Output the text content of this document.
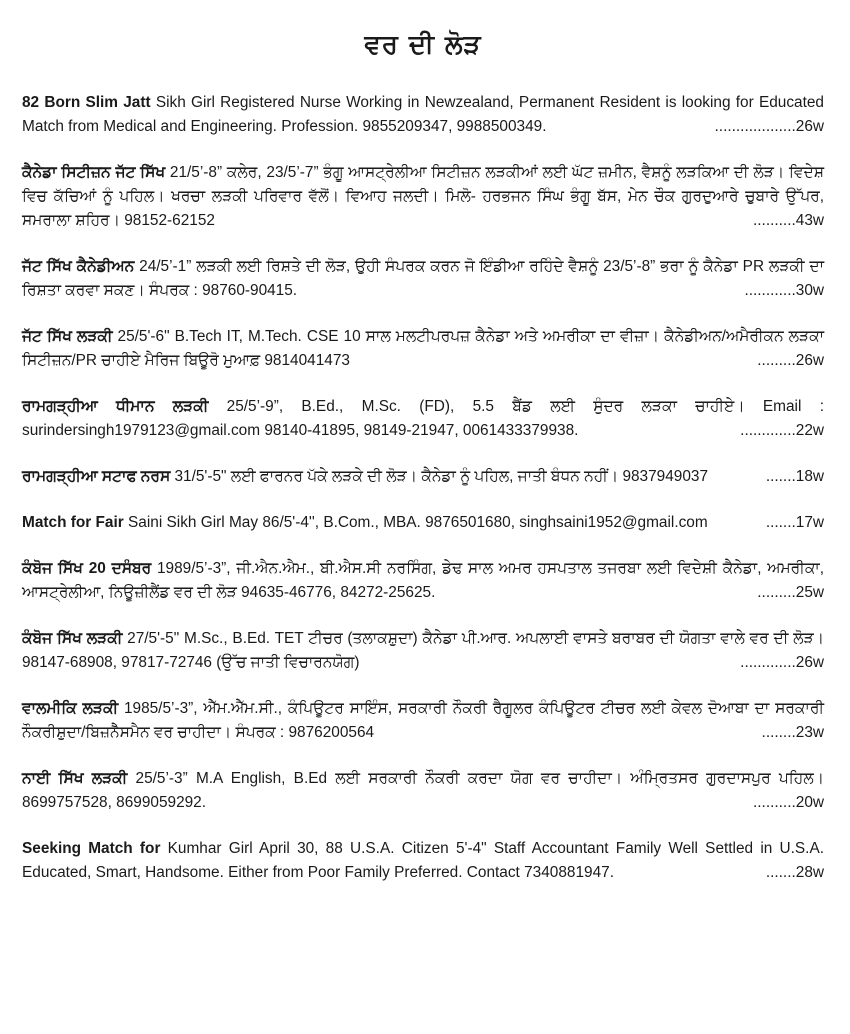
ਵਰ ਦੀ ਲੋੜ
82 Born Slim Jatt Sikh Girl Registered Nurse Working in Newzealand, Permanent Resident is looking for Educated Match from Medical and Engineering. Profession. 9855209347, 9988500349.	...................26w
ਕੈਨੇਡਾ ਸਿਟੀਜ਼ਨ ਜੱਟ ਸਿੱਖ 21/5’-8” ਕਲੇਰ, 23/5’-7” ਭੰਗੂ ਆਸਟ੍ਰੇਲੀਆ ਸਿਟੀਜ਼ਨ ਲੜਕੀਆਂ ਲਈ ਘੱਟ ਜ਼ਮੀਨ, ਵੈਸ਼ਨੂੰ ਲੜਕਿਆ ਦੀ ਲੋੜ। ਵਿਦੇਸ਼ ਵਿਚ ਕੱਚਿਆਂ ਨੂੰ ਪਹਿਲ। ਖਰਚਾ ਲੜਕੀ ਪਰਿਵਾਰ ਵੱਲੋਂ। ਵਿਆਹ ਜਲਦੀ। ਮਿਲੋ- ਹਰਭਜਨ ਸਿੰਘ ਭੰਗੂ ਬੱਸ, ਮੇਨ ਚੌਕ ਗੁਰਦੁਆਰੇ ਚੁਬਾਰੇ ਉੱਪਰ, ਸਮਰਾਲਾ ਸ਼ਹਿਰ। 98152-62152	..........43w
ਜੱਟ ਸਿੱਖ ਕੈਨੇਡੀਅਨ 24/5’-1” ਲੜਕੀ ਲਈ ਰਿਸ਼ਤੇ ਦੀ ਲੋੜ, ਉਹੀ ਸੰਪਰਕ ਕਰਨ ਜੋ ਇੰਡੀਆ ਰਹਿੰਦੇ ਵੈਸ਼ਨੂੰ 23/5’-8” ਭਰਾ ਨੂੰ ਕੈਨੇਡਾ PR ਲੜਕੀ ਦਾ ਰਿਸ਼ਤਾ ਕਰਵਾ ਸਕਣ। ਸੰਪਰਕ : 98760-90415.	............30w
ਜੱਟ ਸਿੱਖ ਲੜਕੀ 25/5'-6" B.Tech IT, M.Tech. CSE 10 ਸਾਲ ਮਲਟੀਪਰਪਜ਼ ਕੈਨੇਡਾ ਅਤੇ ਅਮਰੀਕਾ ਦਾ ਵੀਜ਼ਾ। ਕੈਨੇਡੀਅਨ/ਅਮੈਰੀਕਨ ਲੜਕਾ ਸਿਟੀਜ਼ਨ/PR ਚਾਹੀਏ ਮੈਰਿਜ ਬਿਊਰੋ ਮੁਆਫ਼ 9814041473	.........26w
ਰਾਮਗੜ੍ਹੀਆ ਧੀਮਾਨ ਲੜਕੀ 25/5’-9”, B.Ed., M.Sc. (FD), 5.5 ਬੈਂਡ ਲਈ ਸੁੰਦਰ ਲੜਕਾ ਚਾਹੀਏ। Email : surindersingh1979123@gmail.com 98140-41895, 98149-21947, 0061433379938.	.............22w
ਰਾਮਗੜ੍ਹੀਆ ਸਟਾਫ ਨਰਸ 31/5'-5" ਲਈ ਫਾਰਨਰ ਪੱਕੇ ਲੜਕੇ ਦੀ ਲੋੜ। ਕੈਨੇਡਾ ਨੂੰ ਪਹਿਲ, ਜਾਤੀ ਬੰਧਨ ਨਹੀਂ। 9837949037	.......18w
Match for Fair Saini Sikh Girl May 86/5'-4'', B.Com., MBA. 9876501680, singhsaini1952@gmail.com	.......17w
ਕੰਬੋਜ ਸਿੱਖ 20 ਦਸੰਬਰ 1989/5’-3”, ਜੀ.ਐਨ.ਐਮ., ਬੀ.ਐਸ.ਸੀ ਨਰਸਿੰਗ, ਡੇਢ ਸਾਲ ਅਮਰ ਹਸਪਤਾਲ ਤਜਰਬਾ ਲਈ ਵਿਦੇਸ਼ੀ ਕੈਨੇਡਾ, ਅਮਰੀਕਾ, ਆਸਟ੍ਰੇਲੀਆ, ਨਿਊਜ਼ੀਲੈਂਡ ਵਰ ਦੀ ਲੋੜ 94635-46776, 84272-25625.	.........25w
ਕੰਬੋਜ ਸਿੱਖ ਲੜਕੀ 27/5'-5" M.Sc., B.Ed. TET ਟੀਚਰ (ਤਲਾਕਸ਼ੁਦਾ) ਕੈਨੇਡਾ ਪੀ.ਆਰ. ਅਪਲਾਈ ਵਾਸਤੇ ਬਰਾਬਰ ਦੀ ਯੋਗਤਾ ਵਾਲੇ ਵਰ ਦੀ ਲੋੜ। 98147-68908, 97817-72746 (ਉੱਚ ਜਾਤੀ ਵਿਚਾਰਨਯੋਗ)	.............26w
ਵਾਲਮੀਕਿ ਲੜਕੀ 1985/5’-3”, ਐੱਮ.ਐੱਮ.ਸੀ., ਕੰਪਿਊਟਰ ਸਾਇੰਸ, ਸਰਕਾਰੀ ਨੌਕਰੀ ਰੈਗੂਲਰ ਕੰਪਿਊਟਰ ਟੀਚਰ ਲਈ ਕੇਵਲ ਦੋਆਬਾ ਦਾ ਸਰਕਾਰੀ ਨੌਕਰੀਸ਼ੁਦਾ/ਬਿਜ਼ਨੈੱਸਮੈਨ ਵਰ ਚਾਹੀਦਾ। ਸੰਪਰਕ : 9876200564	........23w
ਨਾਈ ਸਿੱਖ ਲੜਕੀ 25/5’-3” M.A English, B.Ed ਲਈ ਸਰਕਾਰੀ ਨੌਕਰੀ ਕਰਦਾ ਯੋਗ ਵਰ ਚਾਹੀਦਾ। ਅੰਮ੍ਰਿਤਸਰ ਗੁਰਦਾਸਪੁਰ ਪਹਿਲ। 8699757528, 8699059292.	..........20w
Seeking Match for Kumhar Girl April 30, 88 U.S.A. Citizen 5'-4" Staff Accountant Family Well Settled in U.S.A. Educated, Smart, Handsome. Either from Poor Family Preferred. Contact 7340881947.	.......28w
